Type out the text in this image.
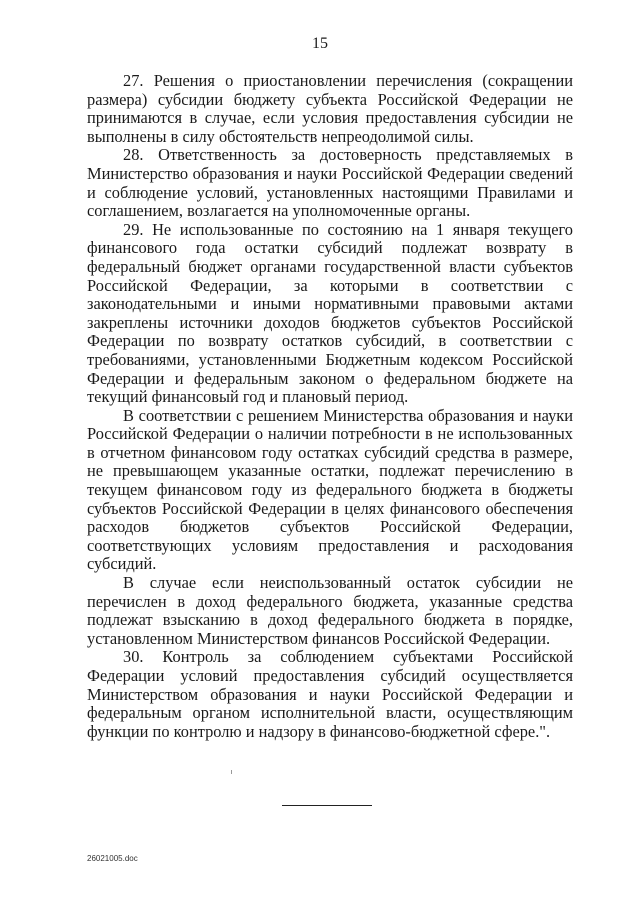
15

27. Решения о приостановлении перечисления (сокращении размера) субсидии бюджету субъекта Российской Федерации не принимаются в случае, если условия предоставления субсидии не выполнены в силу обстоятельств непреодолимой силы.

28. Ответственность за достоверность представляемых в Министерство образования и науки Российской Федерации сведений и соблюдение условий, установленных настоящими Правилами и соглашением, возлагается на уполномоченные органы.

29. Не использованные по состоянию на 1 января текущего финансового года остатки субсидий подлежат возврату в федеральный бюджет органами государственной власти субъектов Российской Федерации, за которыми в соответствии с законодательными и иными нормативными правовыми актами закреплены источники доходов бюджетов субъектов Российской Федерации по возврату остатков субсидий, в соответствии с требованиями, установленными Бюджетным кодексом Российской Федерации и федеральным законом о федеральном бюджете на текущий финансовый год и плановый период.

В соответствии с решением Министерства образования и науки Российской Федерации о наличии потребности в не использованных в отчетном финансовом году остатках субсидий средства в размере, не превышающем указанные остатки, подлежат перечислению в текущем финансовом году из федерального бюджета в бюджеты субъектов Российской Федерации в целях финансового обеспечения расходов бюджетов субъектов Российской Федерации, соответствующих условиям предоставления и расходования субсидий.

В случае если неиспользованный остаток субсидии не перечислен в доход федерального бюджета, указанные средства подлежат взысканию в доход федерального бюджета в порядке, установленном Министерством финансов Российской Федерации.

30. Контроль за соблюдением субъектами Российской Федерации условий предоставления субсидий осуществляется Министерством образования и науки Российской Федерации и федеральным органом исполнительной власти, осуществляющим функции по контролю и надзору в финансово-бюджетной сфере.".

26021005.doc
